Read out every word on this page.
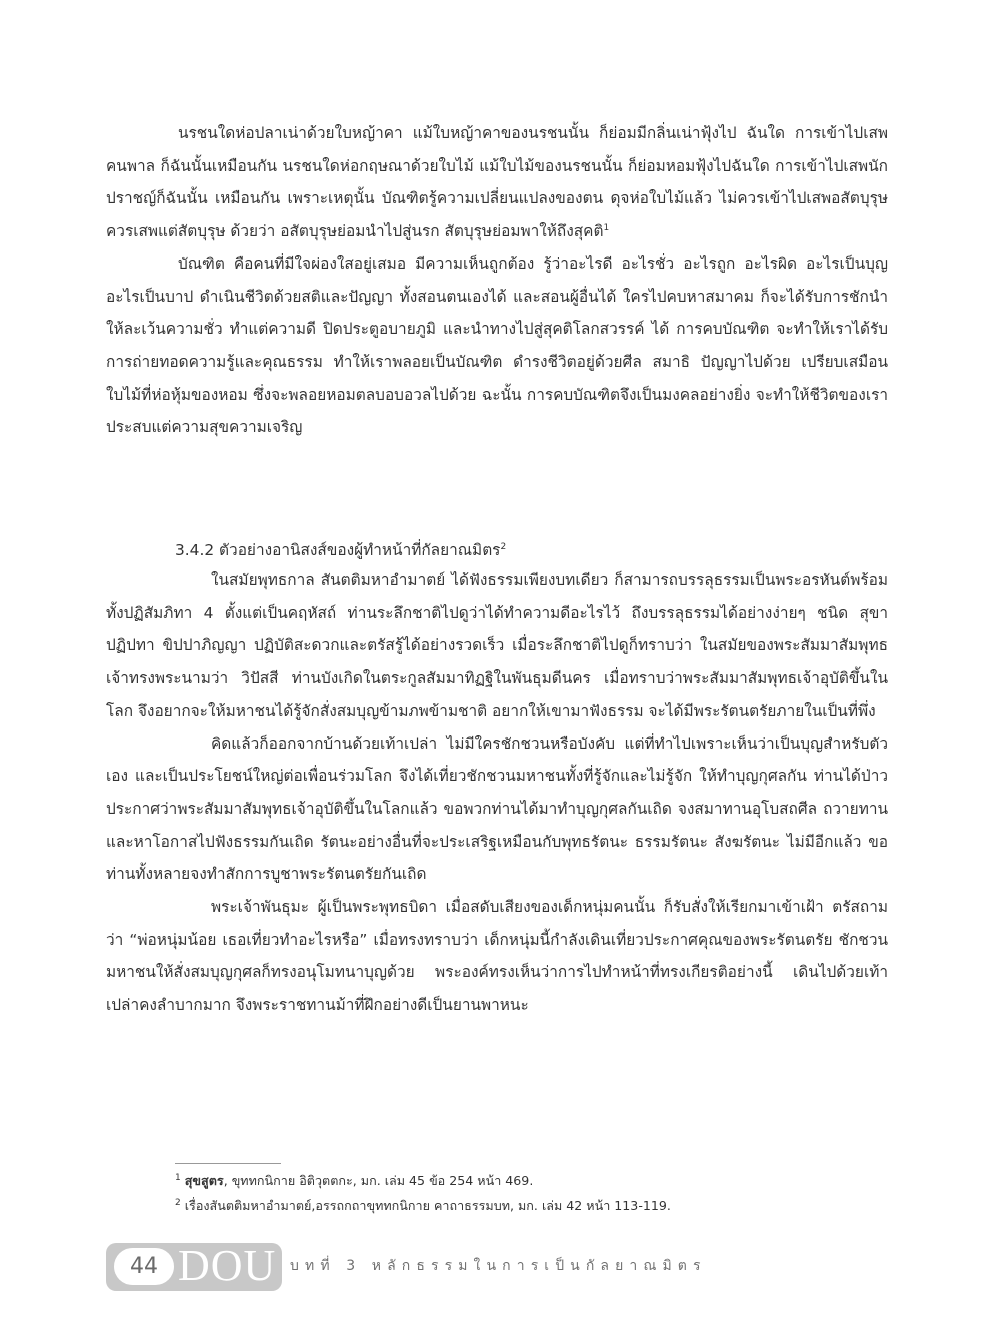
นรชนใดห่อปลาเน่าด้วยใบหญ้าคา แม้ใบหญ้าคาของนรชนนั้น ก็ย่อมมีกลิ่นเน่าฟุ้งไป ฉันใด การเข้าไปเสพคนพาล ก็ฉันนั้นเหมือนกัน นรชนใดห่อกฤษณาด้วยใบไม้ แม้ใบไม้ของนรชนนั้น ก็ย่อมหอมฟุ้งไปฉันใด การเข้าไปเสพนักปราชญ์ก็ฉันนั้น เหมือนกัน เพราะเหตุนั้น บัณฑิตรู้ความเปลี่ยนแปลงของตน ดุจห่อใบไม้แล้ว ไม่ควรเข้าไปเสพอสัตบุรุษ ควรเสพแต่สัตบุรุษ ด้วยว่า อสัตบุรุษย่อมนำไปสู่นรก สัตบุรุษย่อมพาให้ถึงสุคติ$^1$

บัณฑิต คือคนที่มีใจผ่องใสอยู่เสมอ มีความเห็นถูกต้อง รู้ว่าอะไรดี อะไรชั่ว อะไรถูก อะไรผิด อะไรเป็นบุญ อะไรเป็นบาป ดำเนินชีวิตด้วยสติและปัญญา ทั้งสอนตนเองได้ และสอนผู้อื่นได้ ใครไปคบหาสมาคม ก็จะได้รับการชักนำให้ละเว้นความชั่ว ทำแต่ความดี ปิดประตูอบายภูมิ และนำทางไปสู่สุคติโลกสวรรค์ ได้ การคบบัณฑิต จะทำให้เราได้รับการถ่ายทอดความรู้และคุณธรรม ทำให้เราพลอยเป็นบัณฑิต ดำรงชีวิตอยู่ด้วยศีล สมาธิ ปัญญาไปด้วย เปรียบเสมือนใบไม้ที่ห่อหุ้มของหอม ซึ่งจะพลอยหอมตลบอบอวลไปด้วย ฉะนั้น การคบบัณฑิตจึงเป็นมงคลอย่างยิ่ง จะทำให้ชีวิตของเราประสบแต่ความสุขความเจริญ

3.4.2 ตัวอย่างอานิสงส์ของผู้ทำหน้าที่กัลยาณมิตร$^2$

ในสมัยพุทธกาล สันตติมหาอำมาตย์ ได้ฟังธรรมเพียงบทเดียว ก็สามารถบรรลุธรรมเป็นพระอรหันต์พร้อมทั้งปฏิสัมภิทา 4 ตั้งแต่เป็นคฤหัสถ์ ท่านระลึกชาติไปดูว่าได้ทำความดีอะไรไว้ ถึงบรรลุธรรมได้อย่างง่ายๆ ชนิด สุขาปฏิปทา ขิปปาภิญญา ปฏิบัติสะดวกและตรัสรู้ได้อย่างรวดเร็ว เมื่อระลึกชาติไปดูก็ทราบว่า ในสมัยของพระสัมมาสัมพุทธเจ้าทรงพระนามว่า วิปัสสี ท่านบังเกิดในตระกูลสัมมาทิฏฐิในพันธุมดีนคร เมื่อทราบว่าพระสัมมาสัมพุทธเจ้าอุบัติขึ้นในโลก จึงอยากจะให้มหาชนได้รู้จักสั่งสมบุญข้ามภพข้ามชาติ อยากให้เขามาฟังธรรม จะได้มีพระรัตนตรัยภายในเป็นที่พึ่ง

คิดแล้วก็ออกจากบ้านด้วยเท้าเปล่า ไม่มีใครชักชวนหรือบังคับ แต่ที่ทำไปเพราะเห็นว่าเป็นบุญสำหรับตัวเอง และเป็นประโยชน์ใหญ่ต่อเพื่อนร่วมโลก จึงได้เที่ยวชักชวนมหาชนทั้งที่รู้จักและไม่รู้จัก ให้ทำบุญกุศลกัน ท่านได้ป่าวประกาศว่าพระสัมมาสัมพุทธเจ้าอุบัติขึ้นในโลกแล้ว ขอพวกท่านได้มาทำบุญกุศลกันเถิด จงสมาทานอุโบสถศีล ถวายทาน และหาโอกาสไปฟังธรรมกันเถิด รัตนะอย่างอื่นที่จะประเสริฐเหมือนกับพุทธรัตนะ ธรรมรัตนะ สังฆรัตนะ ไม่มีอีกแล้ว ขอท่านทั้งหลายจงทำสักการบูชาพระรัตนตรัยกันเถิด

พระเจ้าพันธุมะ ผู้เป็นพระพุทธบิดา เมื่อสดับเสียงของเด็กหนุ่มคนนั้น ก็รับสั่งให้เรียกมาเข้าเฝ้า ตรัสถามว่า “พ่อหนุ่มน้อย เธอเที่ยวทำอะไรหรือ” เมื่อทรงทราบว่า เด็กหนุ่มนี้กำลังเดินเที่ยวประกาศคุณของพระรัตนตรัย ชักชวนมหาชนให้สั่งสมบุญกุศลก็ทรงอนุโมทนาบุญด้วย พระองค์ทรงเห็นว่าการไปทำหน้าที่ทรงเกียรติอย่างนี้ เดินไปด้วยเท้าเปล่าคงลำบากมาก จึงพระราชทานม้าที่ฝึกอย่างดีเป็นยานพาหนะ

$^1$ สุขสูตร, ขุททกนิกาย อิติวุตตกะ, มก. เล่ม 45 ข้อ 254 หน้า 469.

$^2$ เรื่องสันตติมหาอำมาตย์,อรรถกถาขุททกนิกาย คาถาธรรมบท, มก. เล่ม 42 หน้า 113-119.

44 DOU บทที่ 3 หลักธรรมในการเป็นกัลยาณมิตร
